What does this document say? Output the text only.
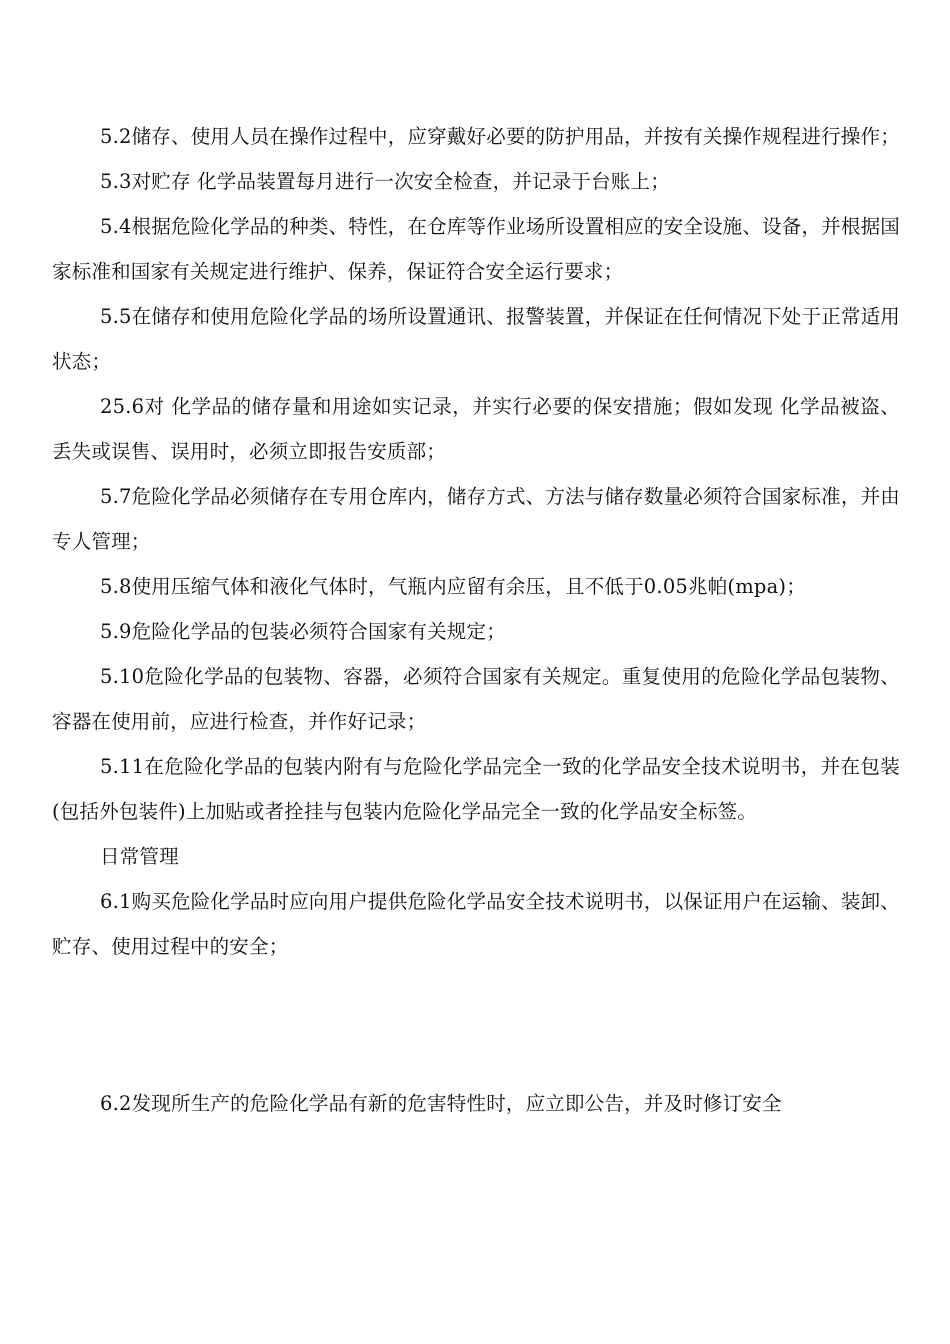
5.2储存、使用人员在操作过程中，应穿戴好必要的防护用品，并按有关操作规程进行操作；

5.3对贮存 化学品装置每月进行一次安全检查，并记录于台账上；

5.4根据危险化学品的种类、特性，在仓库等作业场所设置相应的安全设施、设备，并根据国家标准和国家有关规定进行维护、保养，保证符合安全运行要求；

5.5在储存和使用危险化学品的场所设置通讯、报警装置，并保证在任何情况下处于正常适用状态；

25.6对 化学品的储存量和用途如实记录，并实行必要的保安措施；假如发现 化学品被盗、丢失或误售、误用时，必须立即报告安质部；

5.7危险化学品必须储存在专用仓库内，储存方式、方法与储存数量必须符合国家标准，并由专人管理；

5.8使用压缩气体和液化气体时，气瓶内应留有余压，且不低于0.05兆帕(mpa)；

5.9危险化学品的包装必须符合国家有关规定；

5.10危险化学品的包装物、容器，必须符合国家有关规定。重复使用的危险化学品包装物、容器在使用前，应进行检查，并作好记录；

5.11在危险化学品的包装内附有与危险化学品完全一致的化学品安全技术说明书，并在包装(包括外包装件)上加贴或者拴挂与包装内危险化学品完全一致的化学品安全标签。

日常管理

6.1购买危险化学品时应向用户提供危险化学品安全技术说明书，以保证用户在运输、装卸、贮存、使用过程中的安全；

6.2发现所生产的危险化学品有新的危害特性时，应立即公告，并及时修订安全
